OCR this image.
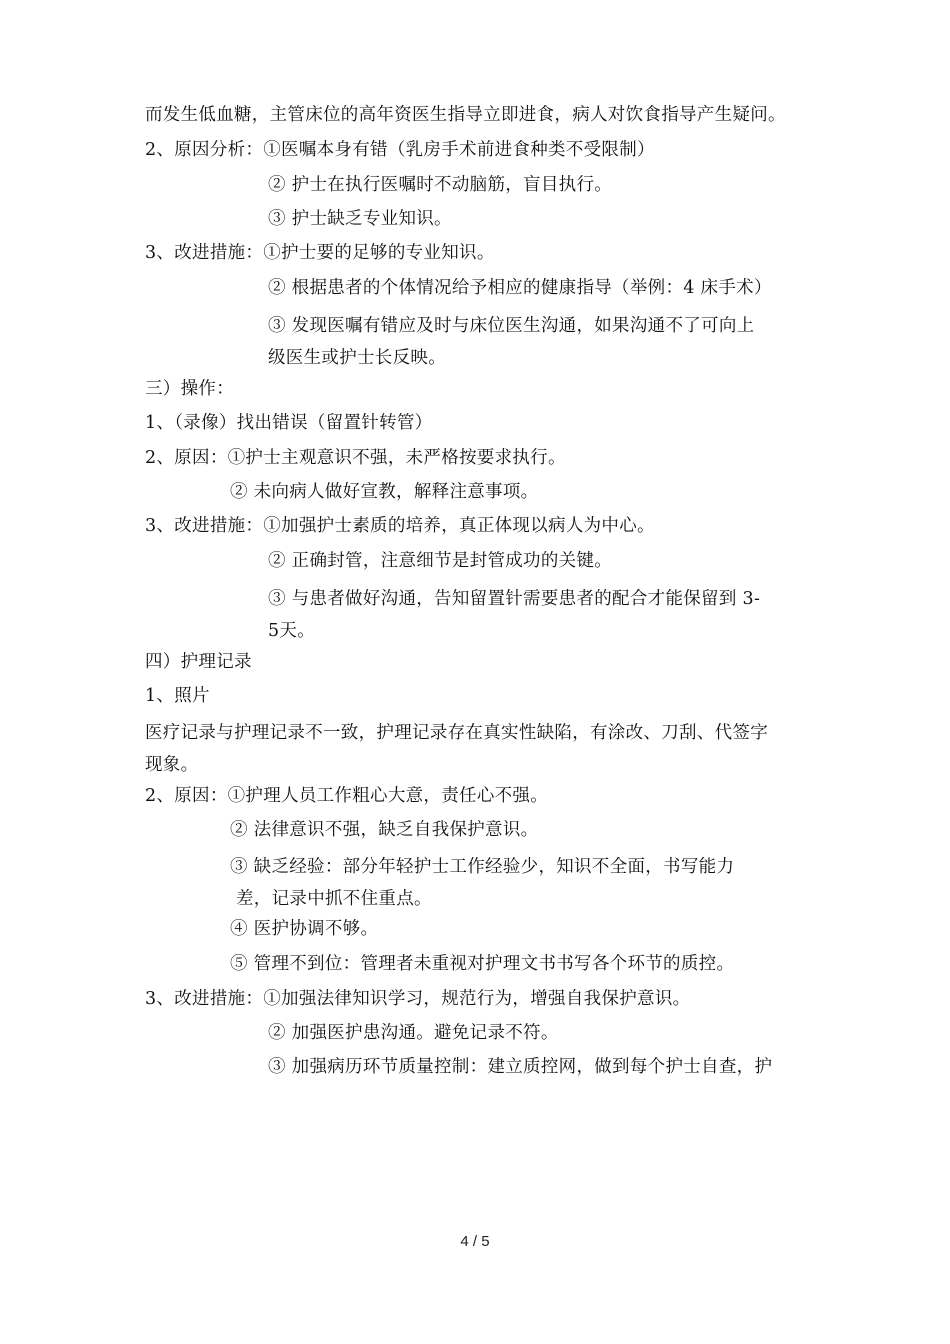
而发生低血糖，主管床位的高年资医生指导立即进食，病人对饮食指导产生疑问。
2、原因分析：①医嘱本身有错（乳房手术前进食种类不受限制）
② 护士在执行医嘱时不动脑筋，盲目执行。
③ 护士缺乏专业知识。
3、改进措施：①护士要的足够的专业知识。
② 根据患者的个体情况给予相应的健康指导（举例：4 床手术）
③ 发现医嘱有错应及时与床位医生沟通，如果沟通不了可向上
级医生或护士长反映。
三）操作：
1、（录像）找出错误（留置针转管）
2、原因：①护士主观意识不强，未严格按要求执行。
② 未向病人做好宣教，解释注意事项。
3、改进措施：①加强护士素质的培养，真正体现以病人为中心。
② 正确封管，注意细节是封管成功的关键。
③ 与患者做好沟通，告知留置针需要患者的配合才能保留到 3-
5天。
四）护理记录
1、照片
医疗记录与护理记录不一致，护理记录存在真实性缺陷，有涂改、刀刮、代签字
现象。
2、原因：①护理人员工作粗心大意，责任心不强。
② 法律意识不强，缺乏自我保护意识。
③ 缺乏经验：部分年轻护士工作经验少，知识不全面，书写能力
差，记录中抓不住重点。
④ 医护协调不够。
⑤ 管理不到位：管理者未重视对护理文书书写各个环节的质控。
3、改进措施：①加强法律知识学习，规范行为，增强自我保护意识。
② 加强医护患沟通。避免记录不符。
③ 加强病历环节质量控制：建立质控网，做到每个护士自查，护
4 / 5
